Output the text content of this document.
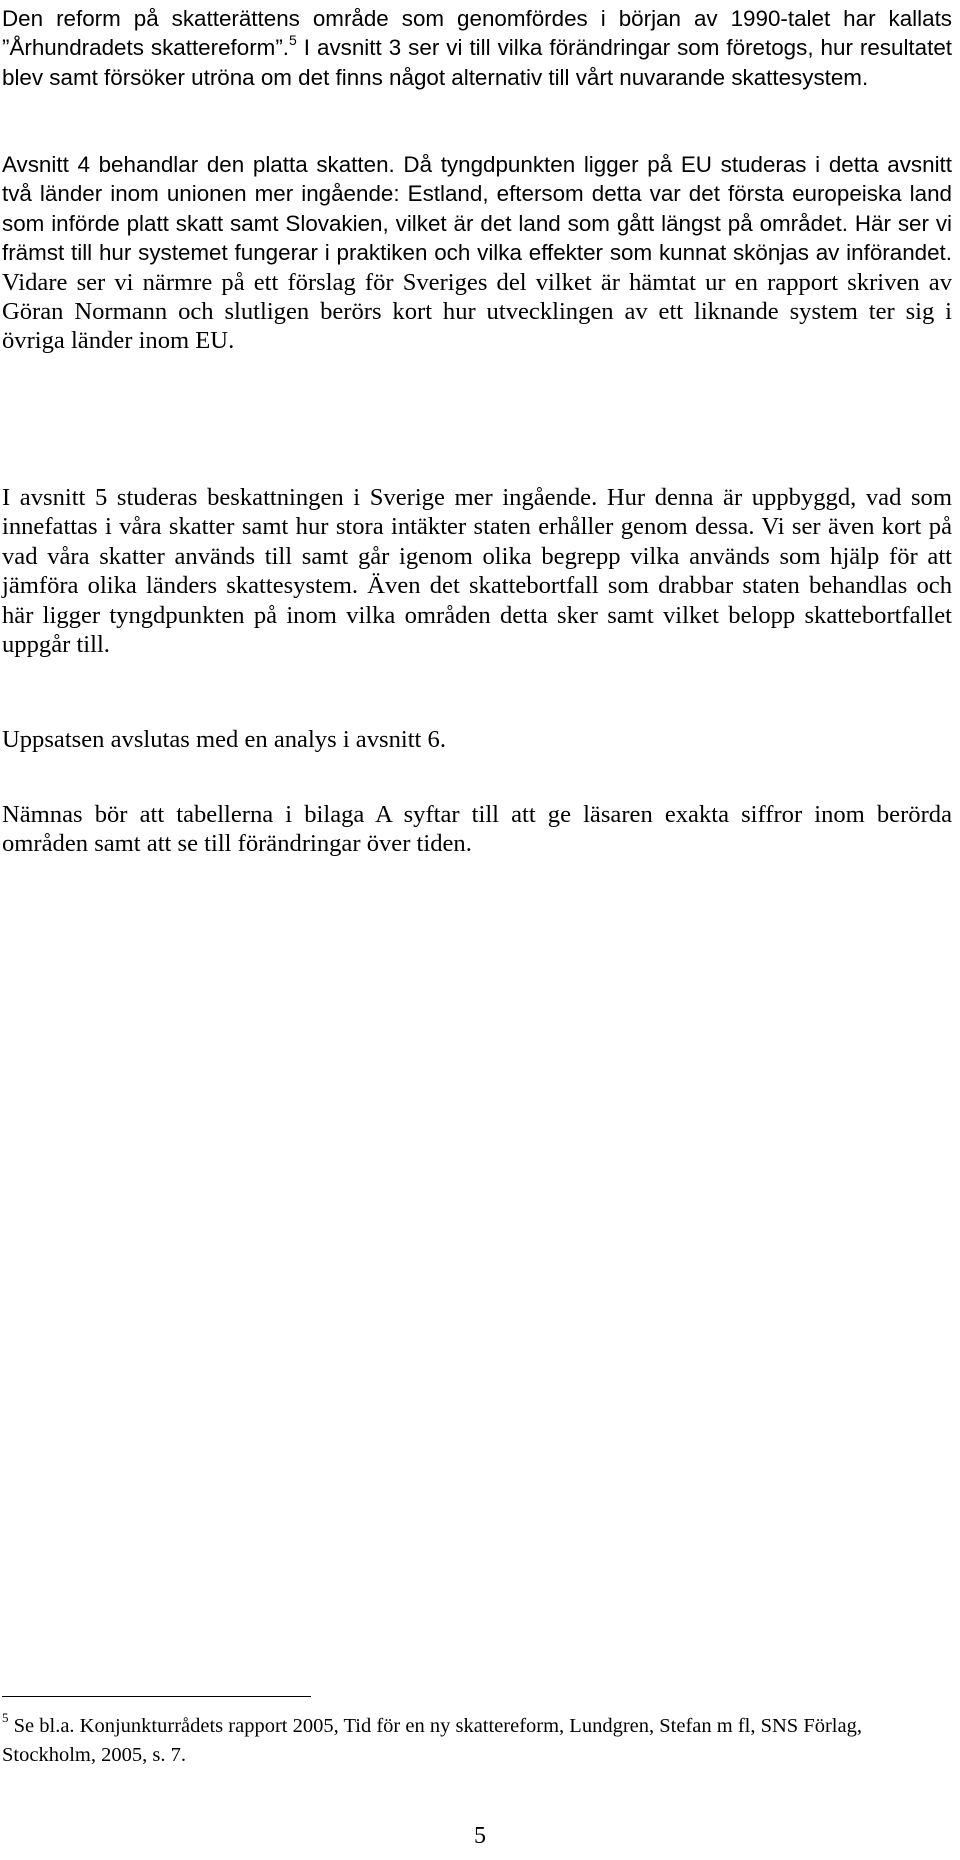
Den reform på skatterättens område som genomfördes i början av 1990-talet har kallats ”Århundradets skattereform”.$^5$ I avsnitt 3 ser vi till vilka förändringar som företogs, hur resultatet blev samt försöker utröna om det finns något alternativ till vårt nuvarande skattesystem.

Avsnitt 4 behandlar den platta skatten. Då tyngdpunkten ligger på EU studeras i detta avsnitt två länder inom unionen mer ingående: Estland, eftersom detta var det första europeiska land som införde platt skatt samt Slovakien, vilket är det land som gått längst på området. Här ser vi främst till hur systemet fungerar i praktiken och vilka effekter som kunnat skönjas av införandet. Vidare ser vi närmre på ett förslag för Sveriges del vilket är hämtat ur en rapport skriven av Göran Normann och slutligen berörs kort hur utvecklingen av ett liknande system ter sig i övriga länder inom EU.

I avsnitt 5 studeras beskattningen i Sverige mer ingående. Hur denna är uppbyggd, vad som innefattas i våra skatter samt hur stora intäkter staten erhåller genom dessa. Vi ser även kort på vad våra skatter används till samt går igenom olika begrepp vilka används som hjälp för att jämföra olika länders skattesystem. Även det skattebortfall som drabbar staten behandlas och här ligger tyngdpunkten på inom vilka områden detta sker samt vilket belopp skattebortfallet uppgår till.

Uppsatsen avslutas med en analys i avsnitt 6.

Nämnas bör att tabellerna i bilaga A syftar till att ge läsaren exakta siffror inom berörda områden samt att se till förändringar över tiden.

$^5$ Se bl.a. Konjunkturrådets rapport 2005, Tid för en ny skattereform, Lundgren, Stefan m fl, SNS Förlag, Stockholm, 2005, s. 7.

5
